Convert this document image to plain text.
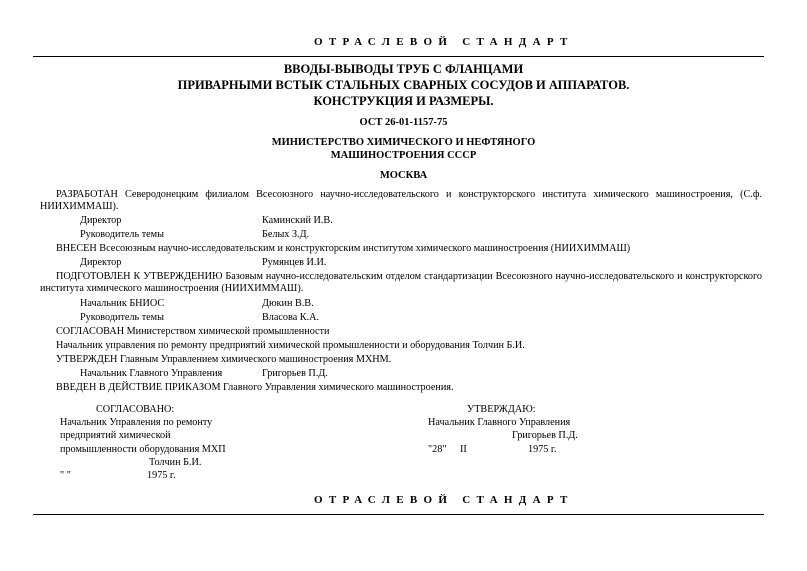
ОТРАСЛЕВОЙ СТАНДАРТ
ВВОДЫ-ВЫВОДЫ ТРУБ С ФЛАНЦАМИ
ПРИВАРНЫМИ ВСТЫК СТАЛЬНЫХ СВАРНЫХ СОСУДОВ И АППАРАТОВ.
КОНСТРУКЦИЯ И РАЗМЕРЫ.
ОСТ 26-01-1157-75
МИНИСТЕРСТВО ХИМИЧЕСКОГО И НЕФТЯНОГО
МАШИНОСТРОЕНИЯ СССР
МОСКВА
РАЗРАБОТАН Северодонецким филиалом Всесоюзного научно-исследовательского и конструкторского института химического машиностроения, (С.ф. НИИХИММАШ).
Директор	Каминский И.В.
Руководитель темы	Белых З.Д.
ВНЕСЕН Всесоюзным научно-исследовательским и конструкторским институтом химического машиностроения (НИИХИММАШ)
Директор	Румянцев И.И.
ПОДГОТОВЛЕН К УТВЕРЖДЕНИЮ Базовым научно-исследовательским отделом стандартизации Всесоюзного научно-исследовательского и конструкторского института химического машиностроения (НИИХИММАШ).
Начальник БНИОС	Дюкин В.В.
Руководитель темы	Власова К.А.
СОГЛАСОВАН Министерством химической промышленности
Начальник управления по ремонту предприятий химической промышленности и оборудования Толчин Б.И.
УТВЕРЖДЕН Главным Управлением химического машиностроения МХНМ.
Начальник Главного Управления	Григорьев П.Д.
ВВЕДЕН В ДЕЙСТВИЕ ПРИКАЗОМ Главного Управления химического машиностроения.
СОГЛАСОВАНО:
Начальник Управления по ремонту
предприятий химической
промышленности оборудования МХП
Толчин Б.И.
" "	1975 г.
УТВЕРЖДАЮ:
Начальник Главного Управления
Григорьев П.Д.
"28" II	1975 г.
ОТРАСЛЕВОЙ СТАНДАРТ
